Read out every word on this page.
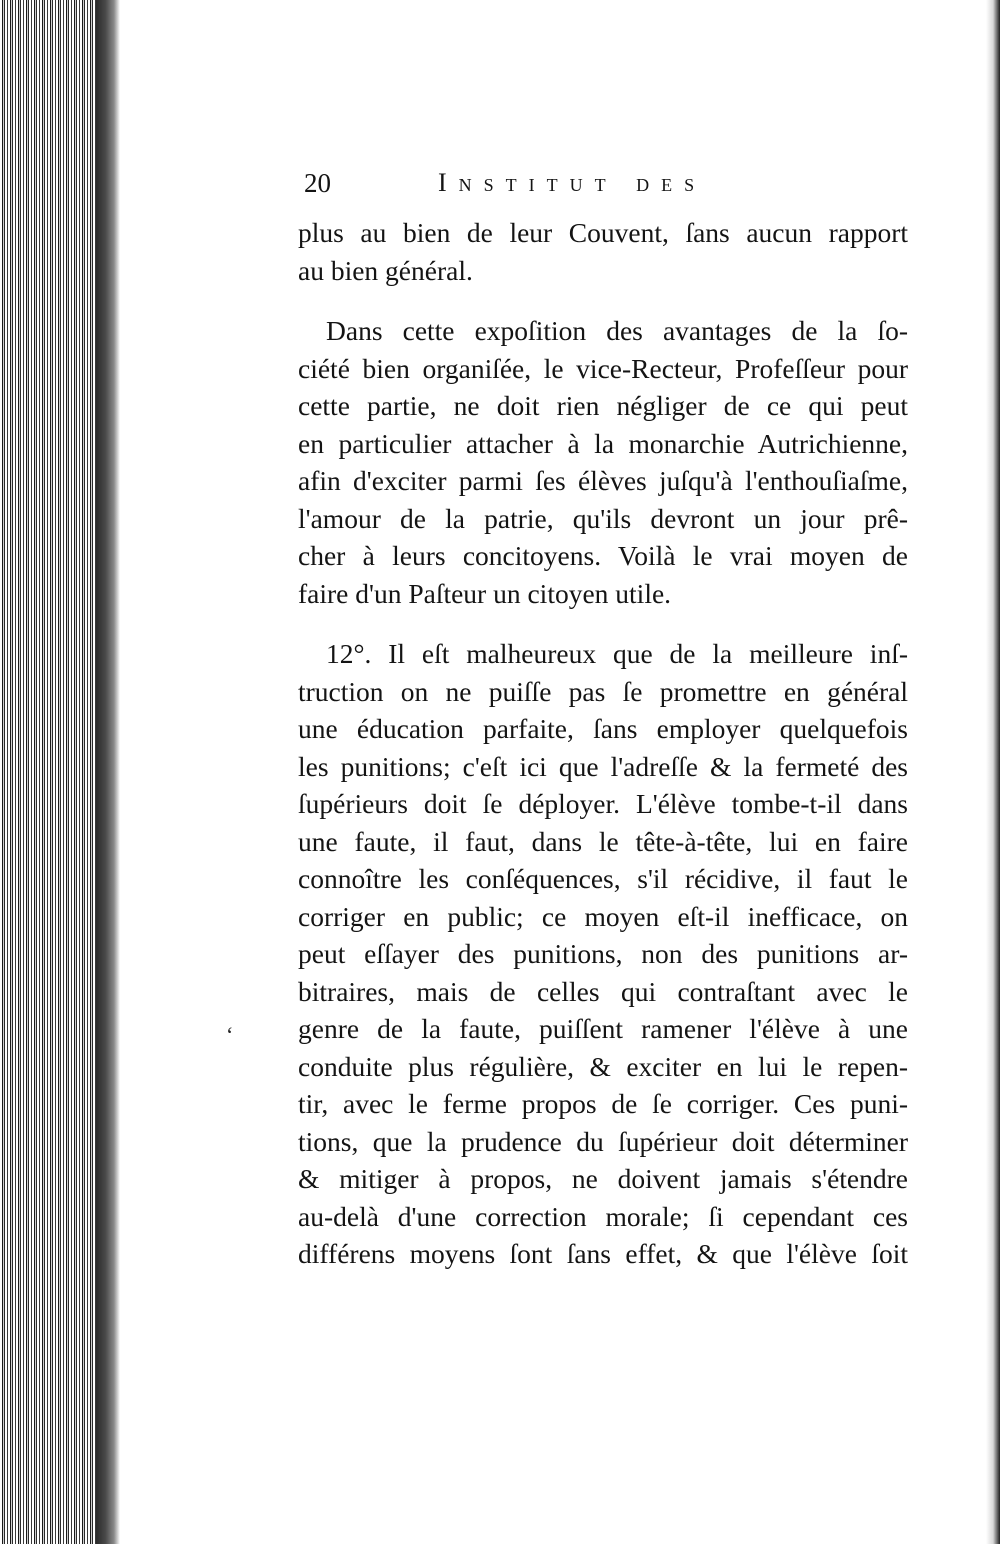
20	Institut des

plus au bien de leur Couvent, ſans aucun rapport
au bien général.

Dans cette expoſition des avantages de la ſo-
ciété bien organiſée, le vice-Recteur, Profeſſeur pour
cette partie, ne doit rien négliger de ce qui peut
en particulier attacher à la monarchie Autrichienne,
afin d'exciter parmi ſes élèves juſqu'à l'enthouſiaſme,
l'amour de la patrie, qu'ils devront un jour prê-
cher à leurs concitoyens. Voilà le vrai moyen de
faire d'un Paſteur un citoyen utile.

12°. Il eſt malheureux que de la meilleure inſ-
truction on ne puiſſe pas ſe promettre en général
une éducation parfaite, ſans employer quelquefois
les punitions; c'eſt ici que l'adreſſe & la fermeté des
ſupérieurs doit ſe déployer. L'élève tombe-t-il dans
une faute, il faut, dans le tête-à-tête, lui en faire
connoître les conſéquences, s'il récidive, il faut le
corriger en public; ce moyen eſt-il inefficace, on
peut eſſayer des punitions, non des punitions ar-
bitraires, mais de celles qui contraſtant avec le
genre de la faute, puiſſent ramener l'élève à une
conduite plus régulière, & exciter en lui le repen-
tir, avec le ferme propos de ſe corriger. Ces puni-
tions, que la prudence du ſupérieur doit déterminer
& mitiger à propos, ne doivent jamais s'étendre
au-delà d'une correction morale; ſi cependant ces
différens moyens ſont ſans effet, & que l'élève ſoit

ʻ
